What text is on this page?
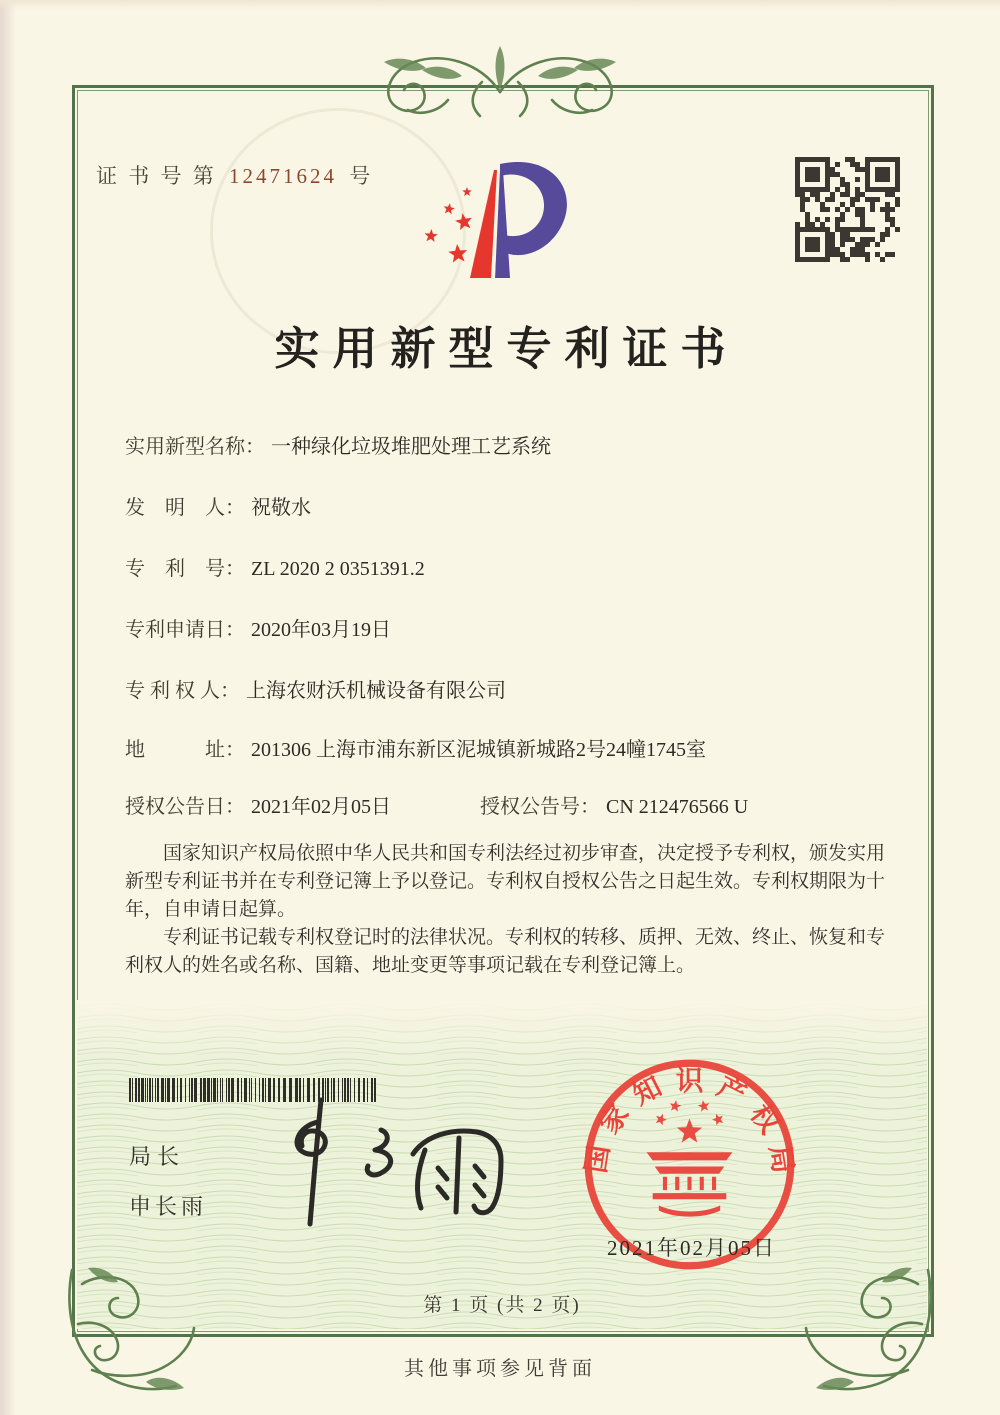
证 书 号 第 12471624 号
实用新型专利证书
实用新型名称： 一种绿化垃圾堆肥处理工艺系统
发　明　人： 祝敬水
专　利　号： ZL 2020 2 0351391.2
专利申请日： 2020年03月19日
专 利 权 人： 上海农财沃机械设备有限公司
地　　　址： 201306 上海市浦东新区泥城镇新城路2号24幢1745室
授权公告日： 2021年02月05日	授权公告号： CN 212476566 U

国家知识产权局依照中华人民共和国专利法经过初步审查，决定授予专利权，颁发实用新型专利证书并在专利登记簿上予以登记。专利权自授权公告之日起生效。专利权期限为十年，自申请日起算。

专利证书记载专利权登记时的法律状况。专利权的转移、质押、无效、终止、恢复和专利权人的姓名或名称、国籍、地址变更等事项记载在专利登记簿上。

局长
申长雨
国
家
知 识 产
权
局
2021年02月05日
第 1 页 (共 2 页)
其他事项参见背面
